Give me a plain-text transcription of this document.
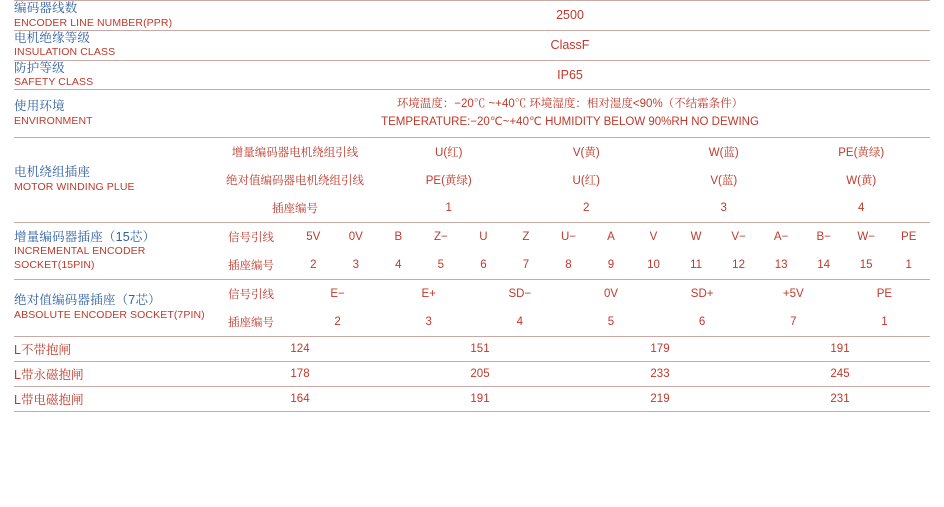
编码器线数
ENCODER LINE NUMBER(PPR)
	2500

电机绝缘等级
INSULATION CLASS
	ClassF

防护等级
SAFETY CLASS
	IP65

使用环境
ENVIRONMENT

环境温度：−20℃ ~+40℃ 环境湿度：相对湿度<90%（不结霜条件）
TEMPERATURE:−20℃~+40℃ HUMIDITY BELOW 90%RH NO DEWING

电机绕组插座
MOTOR WINDING PLUE

增量编码器电机绕组引线	U(红)	V(黄)	W(蓝)	PE(黄绿)
绝对值编码器电机绕组引线	PE(黄绿)	U(红)	V(蓝)	W(黄)
插座编号	1	2	3	4

增量编码器插座（15芯）
INCREMENTAL ENCODER
SOCKET(15PIN)

信号引线	5V	0V	B	Z−	U	Z	U−	A	V	W	V−	A−	B−	W−	PE
插座编号	2	3	4	5	6	7	8	9	10	11	12	13	14	15	1

绝对值编码器插座（7芯）
ABSOLUTE ENCODER SOCKET(7PIN)

信号引线	E−	E+	SD−	0V	SD+	+5V	PE
插座编号	2	3	4	5	6	7	1

L不带抱闸		124	151	179	191

L带永磁抱闸		178	205	233	245

L带电磁抱闸		164	191	219	231
